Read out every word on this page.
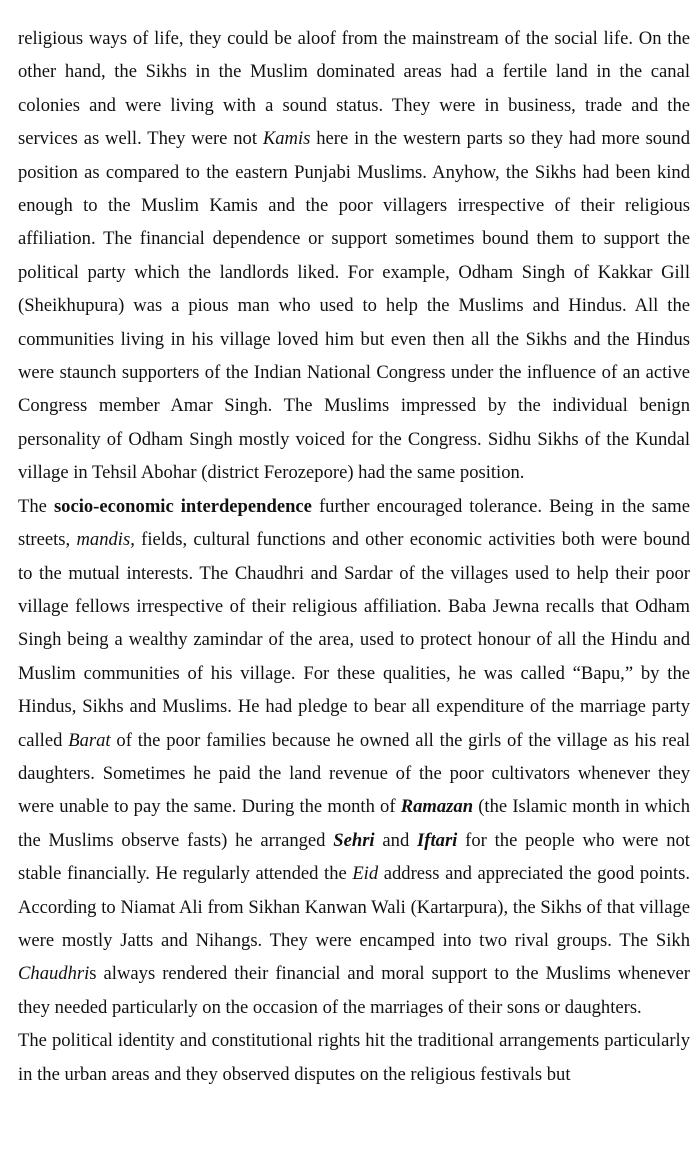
religious ways of life, they could be aloof from the mainstream of the social life. On the other hand, the Sikhs in the Muslim dominated areas had a fertile land in the canal colonies and were living with a sound status. They were in business, trade and the services as well. They were not Kamis here in the western parts so they had more sound position as compared to the eastern Punjabi Muslims. Anyhow, the Sikhs had been kind enough to the Muslim Kamis and the poor villagers irrespective of their religious affiliation. The financial dependence or support sometimes bound them to support the political party which the landlords liked. For example, Odham Singh of Kakkar Gill (Sheikhupura) was a pious man who used to help the Muslims and Hindus. All the communities living in his village loved him but even then all the Sikhs and the Hindus were staunch supporters of the Indian National Congress under the influence of an active Congress member Amar Singh. The Muslims impressed by the individual benign personality of Odham Singh mostly voiced for the Congress. Sidhu Sikhs of the Kundal village in Tehsil Abohar (district Ferozepore) had the same position.

The socio-economic interdependence further encouraged tolerance. Being in the same streets, mandis, fields, cultural functions and other economic activities both were bound to the mutual interests. The Chaudhri and Sardar of the villages used to help their poor village fellows irrespective of their religious affiliation. Baba Jewna recalls that Odham Singh being a wealthy zamindar of the area, used to protect honour of all the Hindu and Muslim communities of his village. For these qualities, he was called “Bapu,” by the Hindus, Sikhs and Muslims. He had pledge to bear all expenditure of the marriage party called Barat of the poor families because he owned all the girls of the village as his real daughters. Sometimes he paid the land revenue of the poor cultivators whenever they were unable to pay the same. During the month of Ramazan (the Islamic month in which the Muslims observe fasts) he arranged Sehri and Iftari for the people who were not stable financially. He regularly attended the Eid address and appreciated the good points. According to Niamat Ali from Sikhan Kanwan Wali (Kartarpura), the Sikhs of that village were mostly Jatts and Nihangs. They were encamped into two rival groups. The Sikh Chaudhris always rendered their financial and moral support to the Muslims whenever they needed particularly on the occasion of the marriages of their sons or daughters.

The political identity and constitutional rights hit the traditional arrangements particularly in the urban areas and they observed disputes on the religious festivals but
